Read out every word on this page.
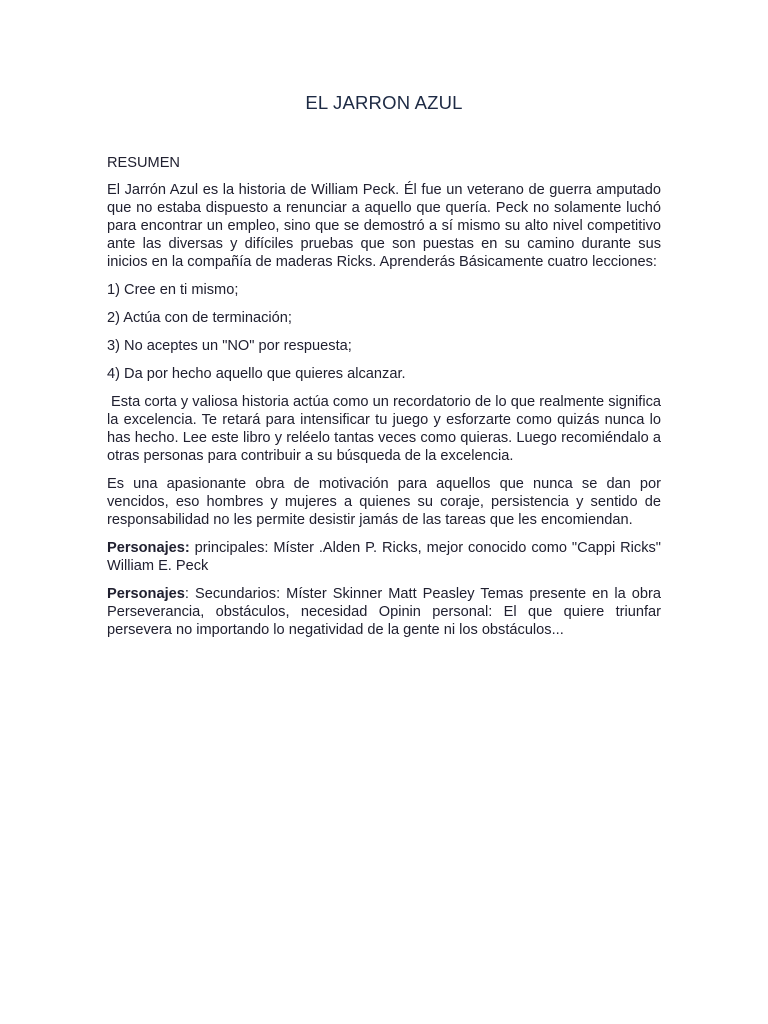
EL JARRON AZUL

RESUMEN

El Jarrón Azul es la historia de William Peck. Él fue un veterano de guerra amputado que no estaba dispuesto a renunciar a aquello que quería. Peck no solamente luchó para encontrar un empleo, sino que se demostró a sí mismo su alto nivel competitivo ante las diversas y difíciles pruebas que son puestas en su camino durante sus inicios en la compañía de maderas Ricks. Aprenderás Básicamente cuatro lecciones:

1) Cree en ti mismo;

2) Actúa con de terminación;

3) No aceptes un "NO" por respuesta;

4) Da por hecho aquello que quieres alcanzar.

Esta corta y valiosa historia actúa como un recordatorio de lo que realmente significa la excelencia. Te retará para intensificar tu juego y esforzarte como quizás nunca lo has hecho. Lee este libro y reléelo tantas veces como quieras. Luego recomiéndalo a otras personas para contribuir a su búsqueda de la excelencia.

Es una apasionante obra de motivación para aquellos que nunca se dan por vencidos, eso hombres y mujeres a quienes su coraje, persistencia y sentido de responsabilidad no les permite desistir jamás de las tareas que les encomiendan.

Personajes: principales: Míster .Alden P. Ricks, mejor conocido como "Cappi Ricks" William E. Peck

Personajes: Secundarios: Míster Skinner Matt Peasley Temas presente en la obra Perseverancia, obstáculos, necesidad Opinin personal: El que quiere triunfar persevera no importando lo negatividad de la gente ni los obstáculos...
